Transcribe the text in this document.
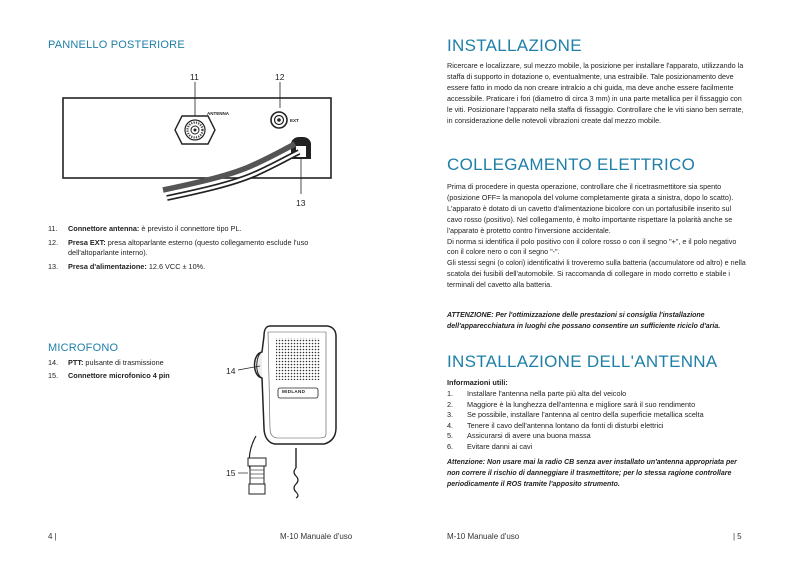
PANNELLO POSTERIORE
11	12
13
ANTENNA
EXT
11.	Connettore antenna: è previsto il connettore tipo PL.
12.	Presa EXT: presa altoparlante esterno (questo collegamento esclude l'uso dell'altoparlante interno).
13.	Presa d'alimentazione: 12.6 VCC ± 10%.
MICROFONO
14.	PTT: pulsante di trasmissione
15.	Connettore microfonico 4 pin
MIDLAND
14
15
4 |	M-10 Manuale d'uso
INSTALLAZIONE
Ricercare e localizzare, sul mezzo mobile, la posizione per installare l'apparato, utilizzando la staffa di supporto in dotazione o, eventualmente, una estraibile. Tale posizionamento deve essere fatto in modo da non creare intralcio a chi guida, ma deve anche essere facilmente accessibile. Praticare i fori (diametro di circa 3 mm) in una parte metallica per il fissaggio con le viti. Posizionare l'apparato nella staffa di fissaggio. Controllare che le viti siano ben serrate, in considerazione delle notevoli vibrazioni create dal mezzo mobile.
COLLEGAMENTO ELETTRICO
Prima di procedere in questa operazione, controllare che il ricetrasmettitore sia spento (posizione OFF= la manopola del volume completamente girata a sinistra, dopo lo scatto).
L'apparato è dotato di un cavetto d'alimentazione bicolore con un portafusibile inserito sul cavo rosso (positivo). Nel collegamento, è molto importante rispettare la polarità anche se l'apparato è protetto contro l'inversione accidentale.
Di norma si identifica il polo positivo con il colore rosso o con il segno "+", e il polo negativo con il colore nero o con il segno "-".
Gli stessi segni (o colori) identificativi li troveremo sulla batteria (accumulatore od altro) e nella scatola dei fusibili dell'automobile. Si raccomanda di collegare in modo corretto e stabile i terminali del cavetto alla batteria.
ATTENZIONE: Per l'ottimizzazione delle prestazioni si consiglia l'installazione dell'apparecchiatura in luoghi che possano consentire un sufficiente riciclo d'aria.
INSTALLAZIONE DELL'ANTENNA
Informazioni utili:
1.	Installare l'antenna nella parte più alta del veicolo
2.	Maggiore è la lunghezza dell'antenna e migliore sarà il suo rendimento
3.	Se possibile, installare l'antenna al centro della superficie metallica scelta
4.	Tenere il cavo dell'antenna lontano da fonti di disturbi elettrici
5.	Assicurarsi di avere una buona massa
6.	Evitare danni ai cavi
Attenzione: Non usare mai la radio CB senza aver installato un'antenna appropriata per non correre il rischio di danneggiare il trasmettitore; per lo stessa ragione controllare periodicamente il ROS tramite l'apposito strumento.
M-10 Manuale d'uso	| 5
